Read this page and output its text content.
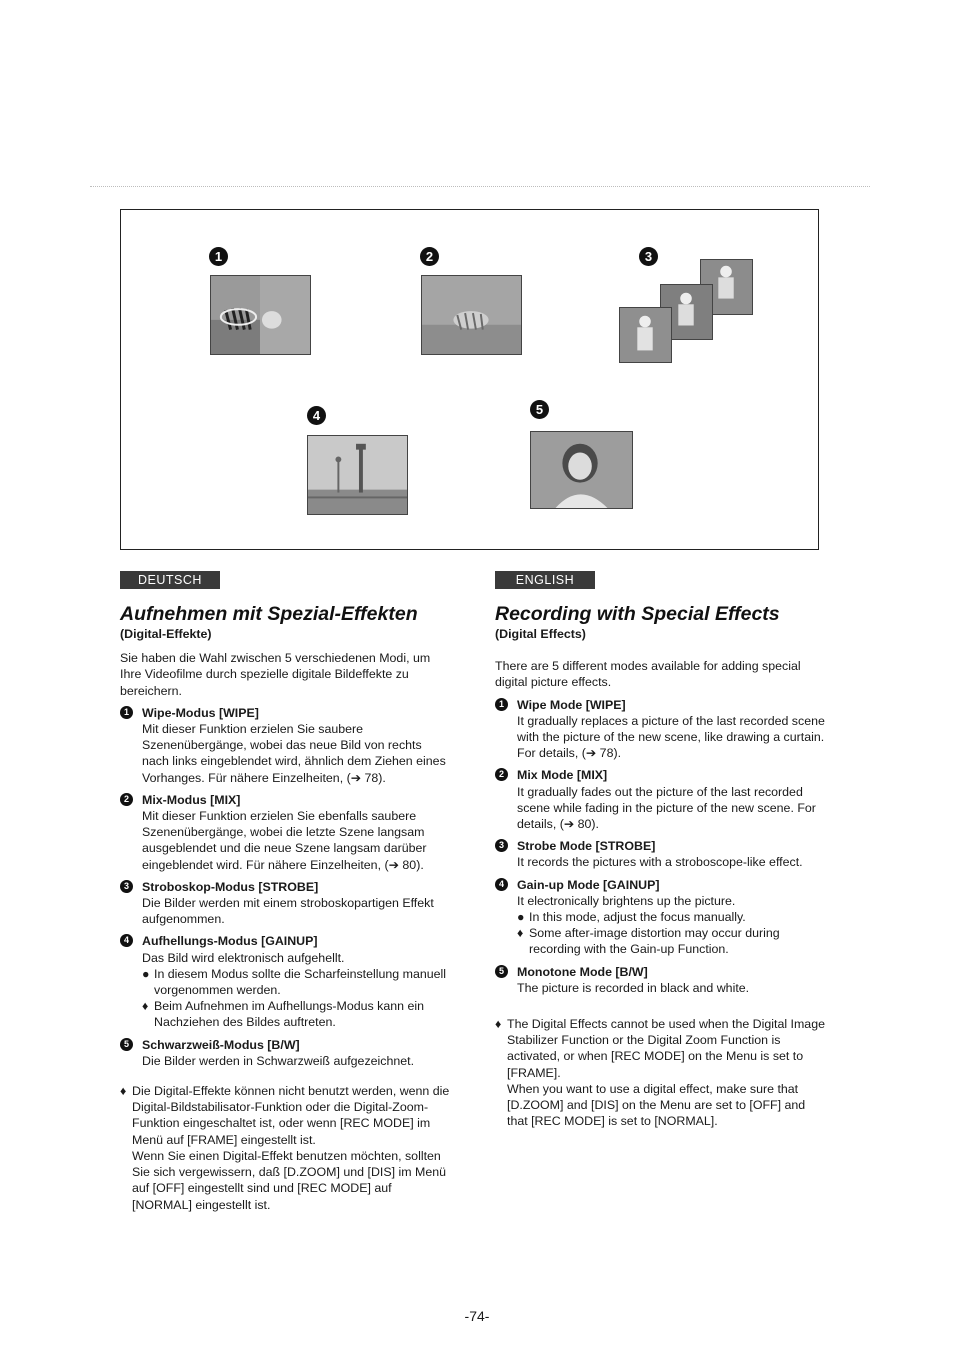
1	2	3
4	5
DEUTSCH	ENGLISH
Aufnehmen mit Spezial-Effekten

(Digital-Effekte)

Sie haben die Wahl zwischen 5 verschiedenen Modi, um Ihre Videofilme durch spezielle digitale Bildeffekte zu bereichern.

1	Wipe-Modus [WIPE]
Mit dieser Funktion erzielen Sie saubere Szenenübergänge, wobei das neue Bild von rechts nach links eingeblendet wird, ähnlich dem Ziehen eines Vorhanges. Für nähere Einzelheiten, (➔ 78).
2	Mix-Modus [MIX]
Mit dieser Funktion erzielen Sie ebenfalls saubere Szenenübergänge, wobei die letzte Szene langsam ausgeblendet und die neue Szene langsam darüber eingeblendet wird. Für nähere Einzelheiten, (➔ 80).
3	Stroboskop-Modus [STROBE]
Die Bilder werden mit einem stroboskopartigen Effekt aufgenommen.
4	Aufhellungs-Modus [GAINUP]
Das Bild wird elektronisch aufgehellt.
● In diesem Modus sollte die Scharfeinstellung manuell vorgenommen werden.
♦ Beim Aufnehmen im Aufhellungs-Modus kann ein Nachziehen des Bildes auftreten.
5	Schwarzweiß-Modus [B/W]
Die Bilder werden in Schwarzweiß aufgezeichnet.
♦ Die Digital-Effekte können nicht benutzt werden, wenn die Digital-Bildstabilisator-Funktion oder die Digital-Zoom-Funktion eingeschaltet ist, oder wenn [REC MODE] im Menü auf [FRAME] eingestellt ist.
Wenn Sie einen Digital-Effekt benutzen möchten, sollten Sie sich vergewissern, daß [D.ZOOM] und [DIS] im Menü auf [OFF] eingestellt sind und [REC MODE] auf [NORMAL] eingestellt ist.
Recording with Special Effects

(Digital Effects)

There are 5 different modes available for adding special digital picture effects.

1	Wipe Mode [WIPE]
It gradually replaces a picture of the last recorded scene with the picture of the new scene, like drawing a curtain. For details, (➔ 78).
2	Mix Mode [MIX]
It gradually fades out the picture of the last recorded scene while fading in the picture of the new scene. For details, (➔ 80).
3	Strobe Mode [STROBE]
It records the pictures with a stroboscope-like effect.
4	Gain-up Mode [GAINUP]
It electronically brightens up the picture.
● In this mode, adjust the focus manually.
♦ Some after-image distortion may occur during recording with the Gain-up Function.
5	Monotone Mode [B/W]
The picture is recorded in black and white.
♦ The Digital Effects cannot be used when the Digital Image Stabilizer Function or the Digital Zoom Function is activated, or when [REC MODE] on the Menu is set to [FRAME].
When you want to use a digital effect, make sure that [D.ZOOM] and [DIS] on the Menu are set to [OFF] and that [REC MODE] is set to [NORMAL].
-74-
